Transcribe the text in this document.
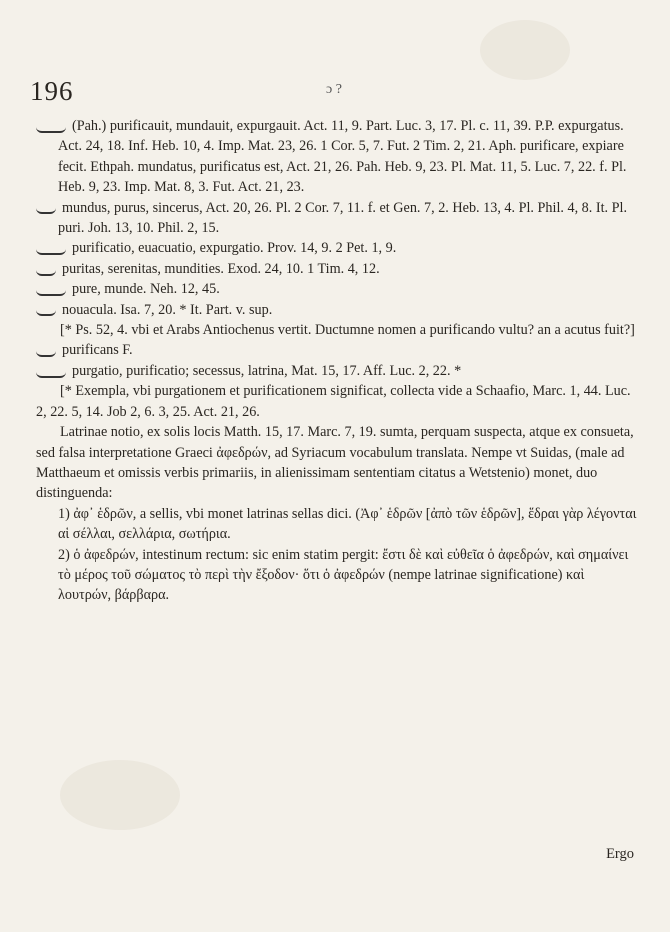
196	ɔ ?

(Pah.) purificauit, mundauit, expurgauit. Act. 11, 9. Part. Luc. 3, 17. Pl. c. 11, 39. P.P. expurgatus. Act. 24, 18. Inf. Heb. 10, 4. Imp. Mat. 23, 26. 1 Cor. 5, 7. Fut. 2 Tim. 2, 21. Aph. purificare, expiare fecit. Ethpah. mundatus, purificatus est, Act. 21, 26. Pah. Heb. 9, 23. Pl. Mat. 11, 5. Luc. 7, 22. f. Pl. Heb. 9, 23. Imp. Mat. 8, 3. Fut. Act. 21, 23.

mundus, purus, sincerus, Act. 20, 26. Pl. 2 Cor. 7, 11. f. et Gen. 7, 2. Heb. 13, 4. Pl. Phil. 4, 8. It. Pl. puri. Joh. 13, 10. Phil. 2, 15.

purificatio, euacuatio, expurgatio. Prov. 14, 9. 2 Pet. 1, 9.

puritas, serenitas, mundities. Exod. 24, 10. 1 Tim. 4, 12.

pure, munde. Neh. 12, 45.

nouacula. Isa. 7, 20. * It. Part. v. sup.

[* Ps. 52, 4. vbi et Arabs Antiochenus vertit. Ductumne nomen a purificando vultu? an a acutus fuit?]

purificans F.

purgatio, purificatio; secessus, latrina, Mat. 15, 17. Aff. Luc. 2, 22. *

[* Exempla, vbi purgationem et purificationem significat, collecta vide a Schaafio, Marc. 1, 44. Luc. 2, 22. 5, 14. Job 2, 6. 3, 25. Act. 21, 26.

Latrinae notio, ex solis locis Matth. 15, 17. Marc. 7, 19. sumta, perquam suspecta, atque ex consueta, sed falsa interpretatione Graeci ἀφεδρών, ad Syriacum vocabulum translata. Nempe vt Suidas, (male ad Matthaeum et omissis verbis primariis, in alienissimam sententiam citatus a Wetstenio) monet, duo distinguenda:

1) ἀφ᾽ ἑδρῶν, a sellis, vbi monet latrinas sellas dici. (Ἀφ᾽ ἑδρῶν [ἀπὸ τῶν ἑδρῶν], ἕδραι γὰρ λέγονται αἱ σέλλαι, σελλάρια, σωτήρια.

2) ὁ ἀφεδρών, intestinum rectum: sic enim statim pergit: ἔστι δὲ καὶ εὐθεῖα ὁ ἀφεδρών, καὶ σημαίνει τὸ μέρος τοῦ σώματος τὸ περὶ τὴν ἔξοδον· ὅτι ὁ ἀφεδρών (nempe latrinae significatione) καὶ λουτρών, βάρβαρα.

Ergo
